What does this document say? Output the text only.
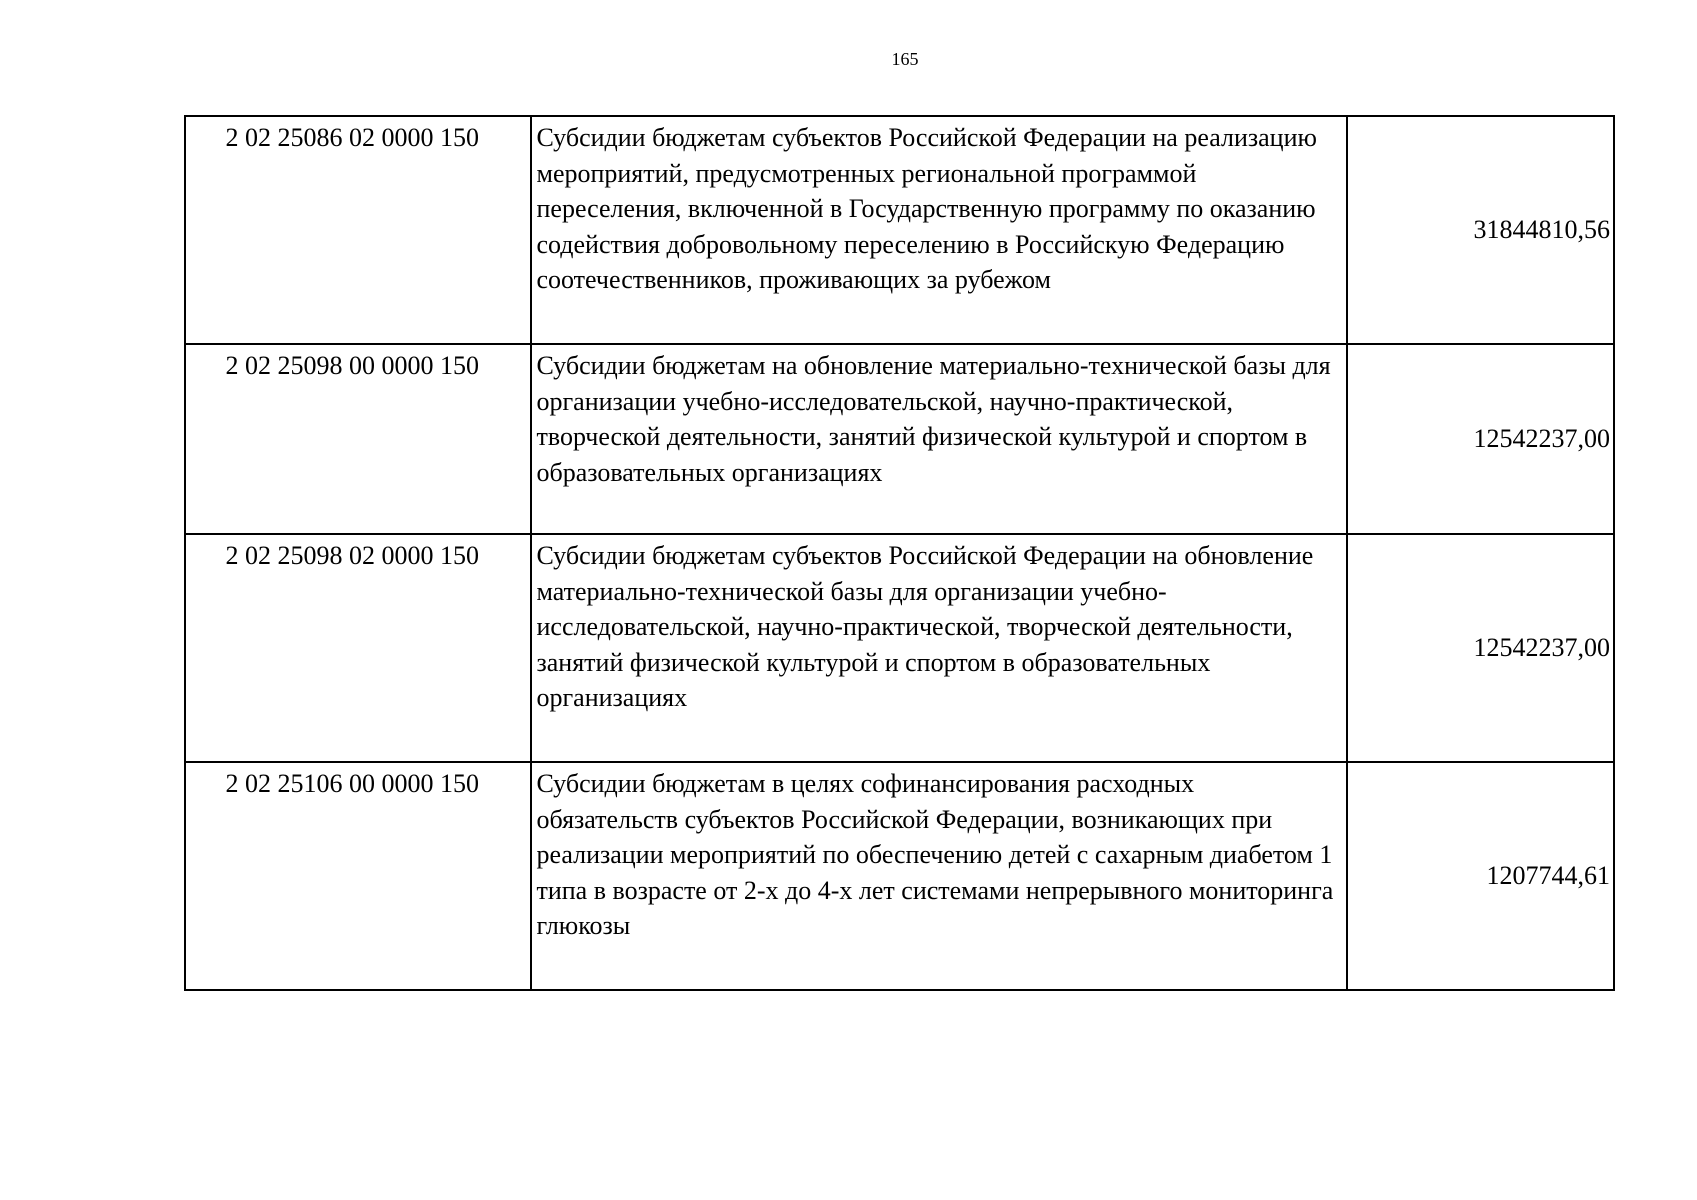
165
2 02 25086 02 0000 150	Субсидии бюджетам субъектов Российской Федерации на реализацию мероприятий, предусмотренных региональной программой переселения, включенной в Государственную программу по оказанию содействия добровольному переселению в Российскую Федерацию соотечественников, проживающих за рубежом	31844810,56
2 02 25098 00 0000 150	Субсидии бюджетам на обновление материально-технической базы для организации учебно-исследовательской, научно-практической, творческой деятельности, занятий физической культурой и спортом в образовательных организациях	12542237,00
2 02 25098 02 0000 150	Субсидии бюджетам субъектов Российской Федерации на обновление материально-технической базы для организации учебно-исследовательской, научно-практической, творческой деятельности, занятий физической культурой и спортом в образовательных организациях	12542237,00
2 02 25106 00 0000 150	Субсидии бюджетам в целях софинансирования расходных обязательств субъектов Российской Федерации, возникающих при реализации мероприятий по обеспечению детей с сахарным диабетом 1 типа в возрасте от 2-х до 4-х лет системами непрерывного мониторинга глюкозы	1207744,61
